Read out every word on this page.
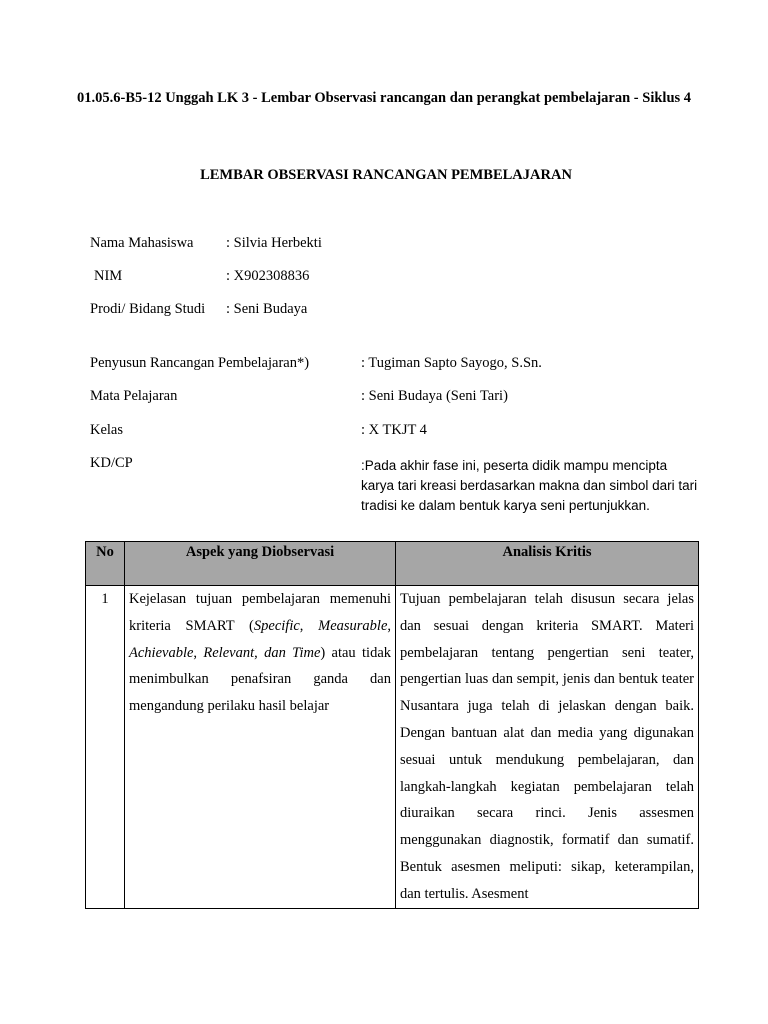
01.05.6-B5-12 Unggah LK 3 - Lembar Observasi rancangan dan perangkat pembelajaran - Siklus 4
LEMBAR OBSERVASI RANCANGAN PEMBELAJARAN
Nama Mahasiswa : Silvia Herbekti
NIM	: X902308836
Prodi/ Bidang Studi : Seni Budaya
Penyusun Rancangan Pembelajaran*)	: Tugiman Sapto Sayogo, S.Sn.
Mata Pelajaran	: Seni Budaya (Seni Tari)
Kelas	: X TKJT 4
KD/CP	:Pada akhir fase ini, peserta didik mampu mencipta karya tari kreasi berdasarkan makna dan simbol dari tari tradisi ke dalam bentuk karya seni pertunjukkan.
No	Aspek yang Diobservasi	Analisis Kritis
1	Kejelasan tujuan pembelajaran memenuhi kriteria SMART (Specific, Measurable, Achievable, Relevant, dan Time) atau tidak menimbulkan penafsiran ganda dan mengandung perilaku hasil belajar	Tujuan pembelajaran telah disusun secara jelas dan sesuai dengan kriteria SMART. Materi pembelajaran tentang pengertian seni teater, pengertian luas dan sempit, jenis dan bentuk teater Nusantara juga telah di jelaskan dengan baik. Dengan bantuan alat dan media yang digunakan sesuai untuk mendukung pembelajaran, dan langkah-langkah kegiatan pembelajaran telah diuraikan secara rinci. Jenis assesmen menggunakan diagnostik, formatif dan sumatif. Bentuk asesmen meliputi: sikap, keterampilan, dan tertulis. Asesment
